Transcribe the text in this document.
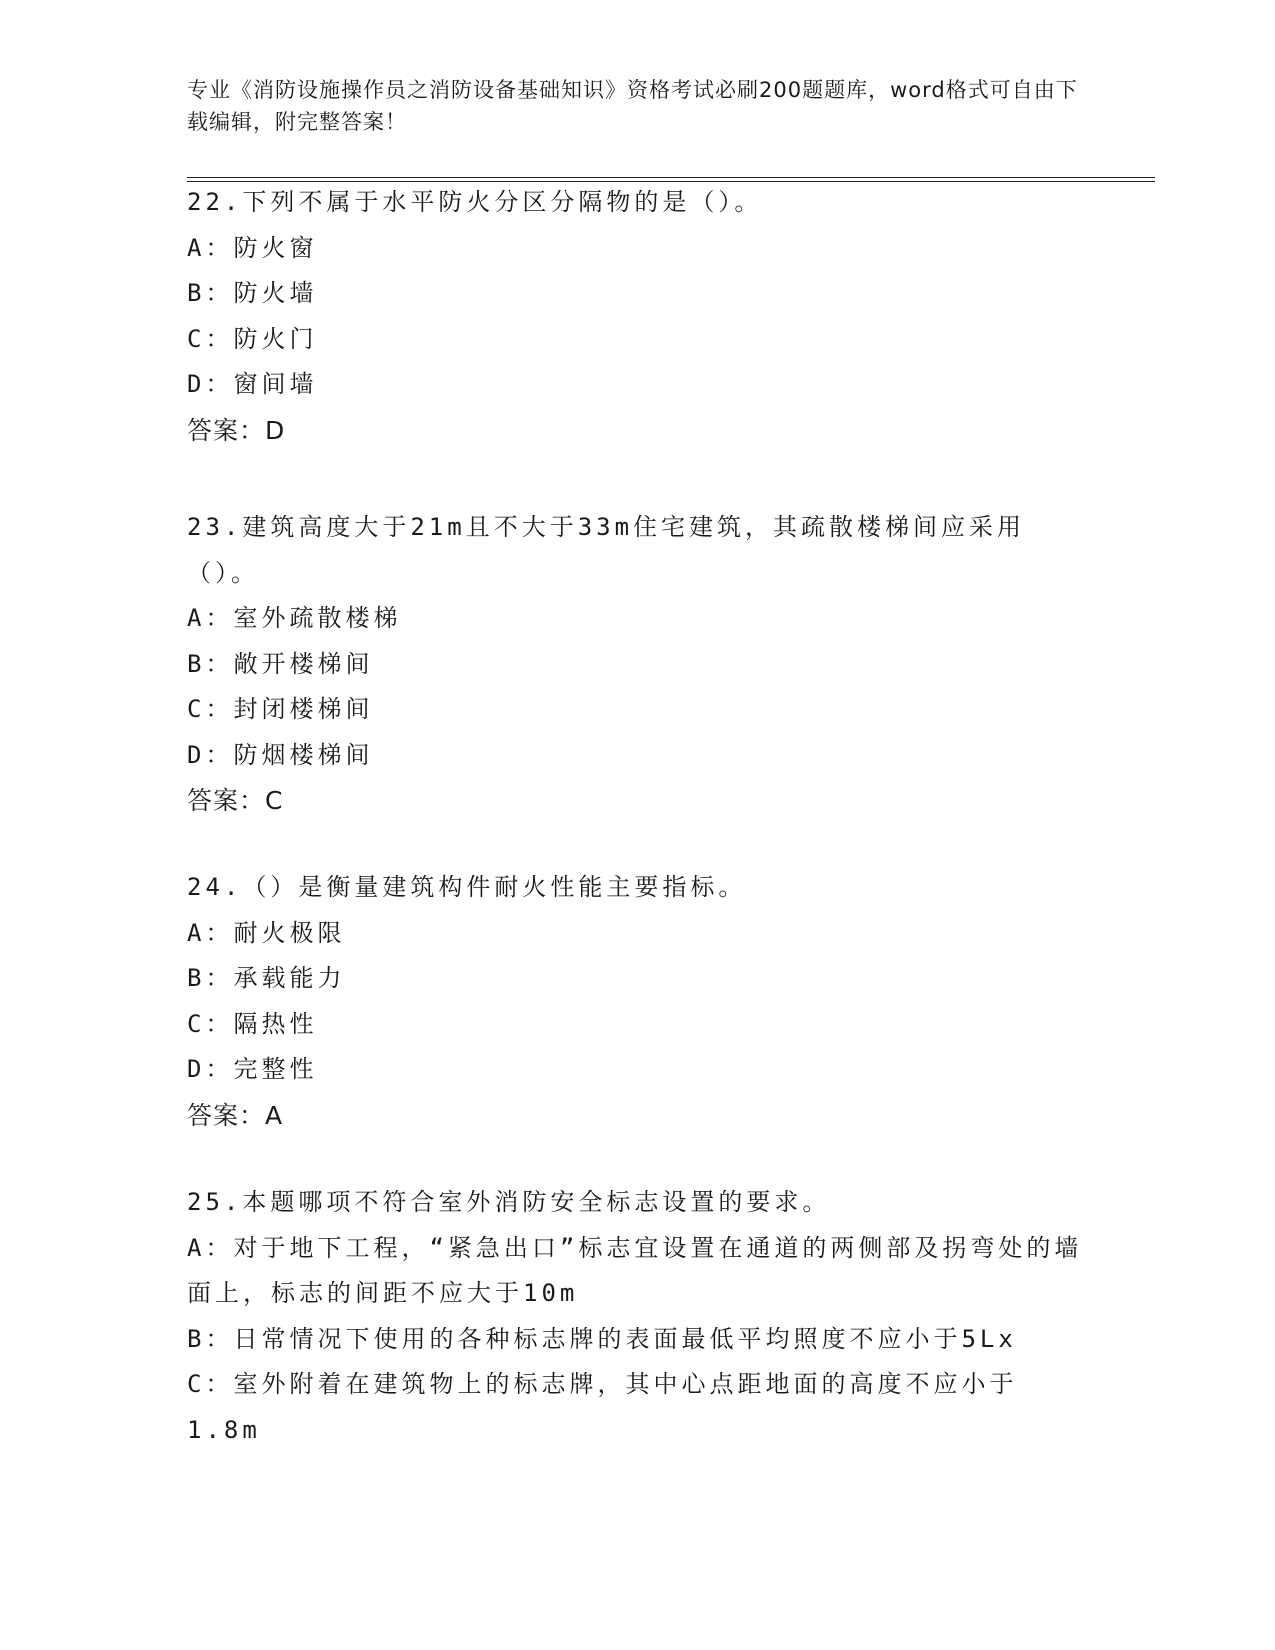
专业《消防设施操作员之消防设备基础知识》资格考试必刷200题题库，word格式可自由下载编辑，附完整答案！
22.下列不属于水平防火分区分隔物的是（）。
A：防火窗
B：防火墙
C：防火门
D：窗间墙
答案：D
23.建筑高度大于21m且不大于33m住宅建筑，其疏散楼梯间应采用（）。
A：室外疏散楼梯
B：敞开楼梯间
C：封闭楼梯间
D：防烟楼梯间
答案：C
24.（）是衡量建筑构件耐火性能主要指标。
A：耐火极限
B：承载能力
C：隔热性
D：完整性
答案：A
25.本题哪项不符合室外消防安全标志设置的要求。
A：对于地下工程，“紧急出口”标志宜设置在通道的两侧部及拐弯处的墙面上，标志的间距不应大于10m
B：日常情况下使用的各种标志牌的表面最低平均照度不应小于5Lx
C：室外附着在建筑物上的标志牌，其中心点距地面的高度不应小于1.8m
